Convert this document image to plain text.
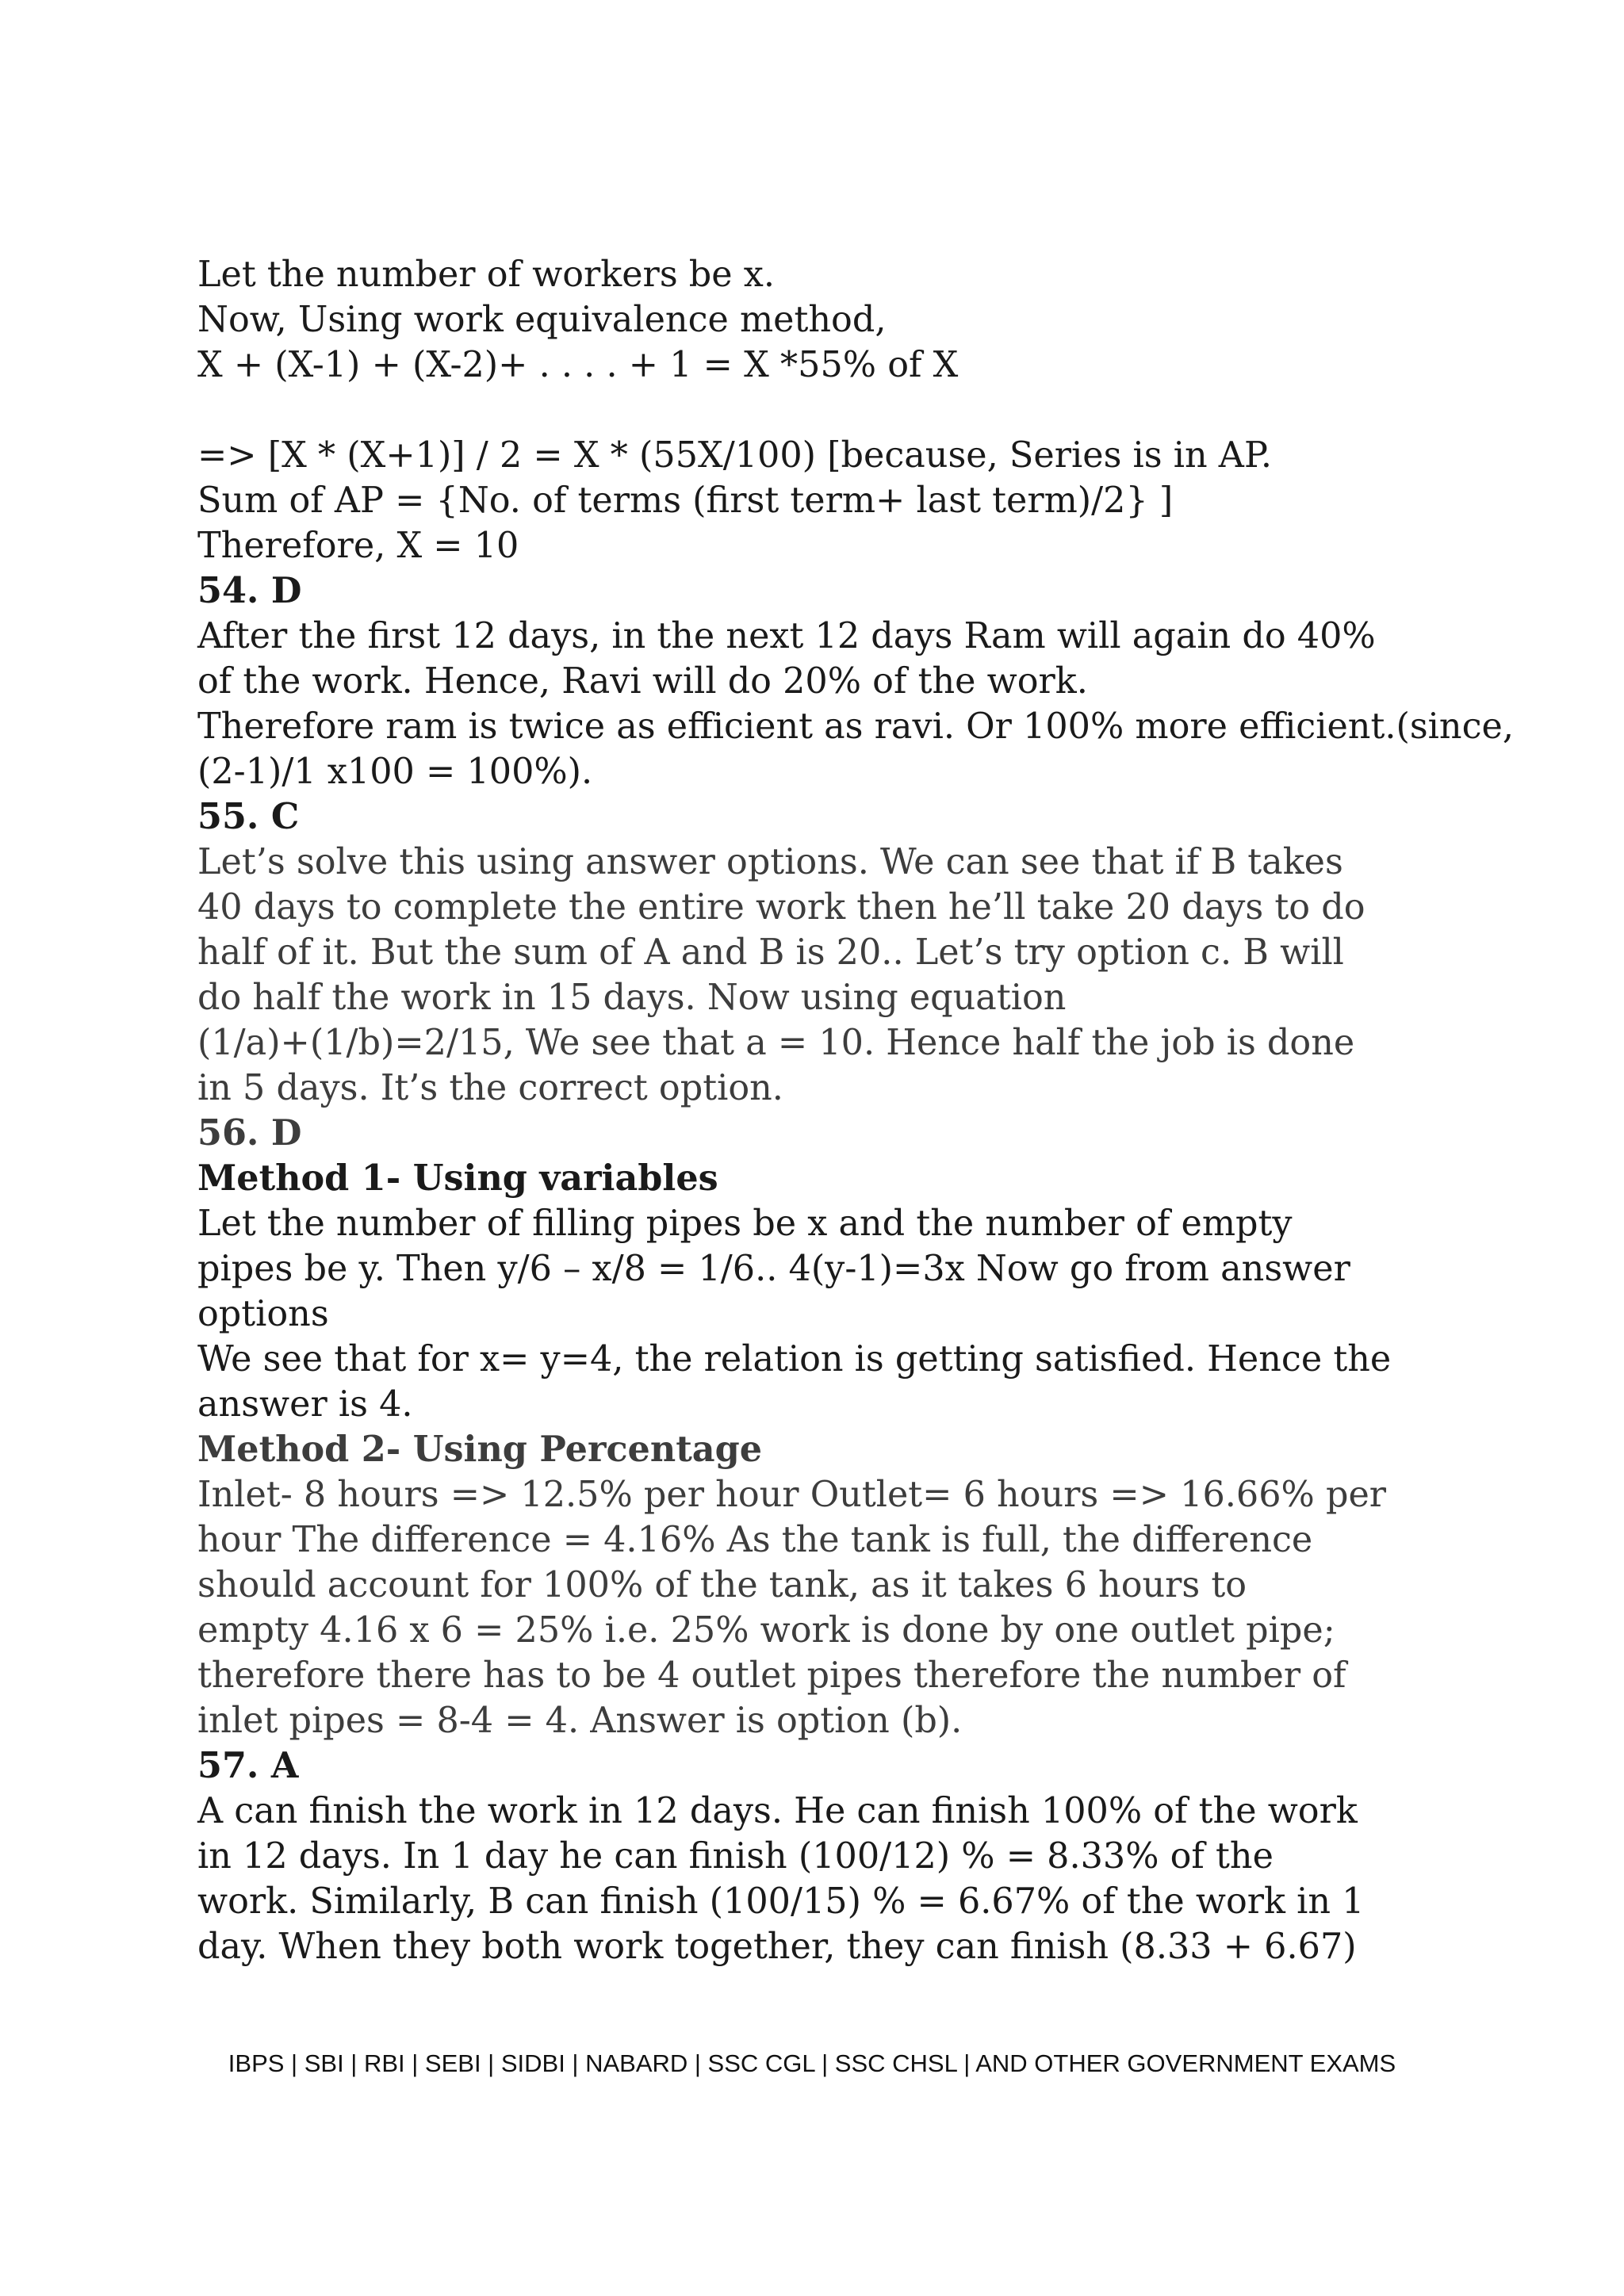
Let the number of workers be x.
Now, Using work equivalence method,
X + (X-1) + (X-2)+ . . . . + 1 = X *55% of X
=> [X * (X+1)] / 2 = X * (55X/100) [because, Series is in AP.
Sum of AP = {No. of terms (first term+ last term)/2} ]
Therefore, X = 10
54. D
After the first 12 days, in the next 12 days Ram will again do 40%
of the work. Hence, Ravi will do 20% of the work.
Therefore ram is twice as efficient as ravi. Or 100% more efficient.(since,
(2-1)/1 x100 = 100%).
55. C
Let’s solve this using answer options. We can see that if B takes
40 days to complete the entire work then he’ll take 20 days to do
half of it. But the sum of A and B is 20.. Let’s try option c. B will
do half the work in 15 days. Now using equation
(1/a)+(1/b)=2/15, We see that a = 10. Hence half the job is done
in 5 days. It’s the correct option.
56. D
Method 1- Using variables
Let the number of filling pipes be x and the number of empty
pipes be y. Then y/6 – x/8 = 1/6.. 4(y-1)=3x Now go from answer
options
We see that for x= y=4, the relation is getting satisfied. Hence the
answer is 4.
Method 2- Using Percentage
Inlet- 8 hours => 12.5% per hour Outlet= 6 hours => 16.66% per
hour The difference = 4.16% As the tank is full, the difference
should account for 100% of the tank, as it takes 6 hours to
empty 4.16 x 6 = 25% i.e. 25% work is done by one outlet pipe;
therefore there has to be 4 outlet pipes therefore the number of
inlet pipes = 8-4 = 4. Answer is option (b).
57. A
A can finish the work in 12 days. He can finish 100% of the work
in 12 days. In 1 day he can finish (100/12) % = 8.33% of the
work. Similarly, B can finish (100/15) % = 6.67% of the work in 1
day. When they both work together, they can finish (8.33 + 6.67)
IBPS | SBI | RBI | SEBI | SIDBI | NABARD | SSC CGL | SSC CHSL | AND OTHER GOVERNMENT EXAMS
